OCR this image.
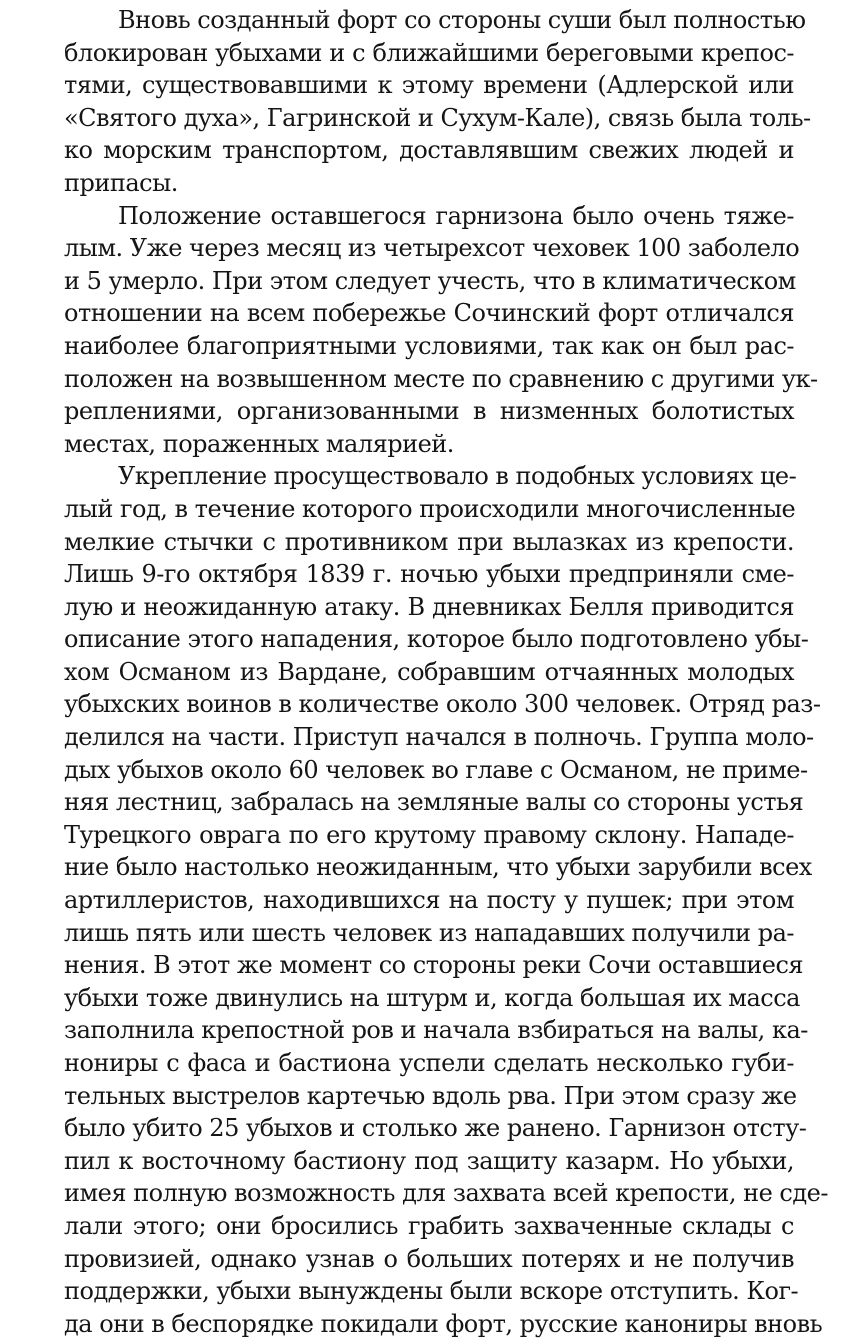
Вновь созданный форт со стороны суши был полностью
блокирован убыхами и с ближайшими береговыми крепос-
тями, существовавшими к этому времени (Адлерской или
«Святого духа», Гагринской и Сухум-Кале), связь была толь-
ко морским транспортом, доставлявшим свежих людей и
припасы.
Положение оставшегося гарнизона было очень тяже-
лым. Уже через месяц из четырехсот чеховек 100 заболело
и 5 умерло. При этом следует учесть, что в климатическом
отношении на всем побережье Сочинский форт отличался
наиболее благоприятными условиями, так как он был рас-
положен на возвышенном месте по сравнению с другими ук-
реплениями, организованными в низменных болотистых
местах, пораженных малярией.
Укрепление просуществовало в подобных условиях це-
лый год, в течение которого происходили многочисленные
мелкие стычки с противником при вылазках из крепости.
Лишь 9-го октября 1839 г. ночью убыхи предприняли сме-
лую и неожиданную атаку. В дневниках Белля приводится
описание этого нападения, которое было подготовлено убы-
хом Османом из Вардане, собравшим отчаянных молодых
убыхских воинов в количестве около 300 человек. Отряд раз-
делился на части. Приступ начался в полночь. Группа моло-
дых убыхов около 60 человек во главе с Османом, не приме-
няя лестниц, забралась на земляные валы со стороны устья
Турецкого оврага по его крутому правому склону. Нападе-
ние было настолько неожиданным, что убыхи зарубили всех
артиллеристов, находившихся на посту у пушек; при этом
лишь пять или шесть человек из нападавших получили ра-
нения. В этот же момент со стороны реки Сочи оставшиеся
убыхи тоже двинулись на штурм и, когда большая их масса
заполнила крепостной ров и начала взбираться на валы, ка-
нониры с фаса и бастиона успели сделать несколько губи-
тельных выстрелов картечью вдоль рва. При этом сразу же
было убито 25 убыхов и столько же ранено. Гарнизон отсту-
пил к восточному бастиону под защиту казарм. Но убыхи,
имея полную возможность для захвата всей крепости, не сде-
лали этого; они бросились грабить захваченные склады с
провизией, однако узнав о больших потерях и не получив
поддержки, убыхи вынуждены были вскоре отступить. Ког-
да они в беспорядке покидали форт, русские канониры вновь
